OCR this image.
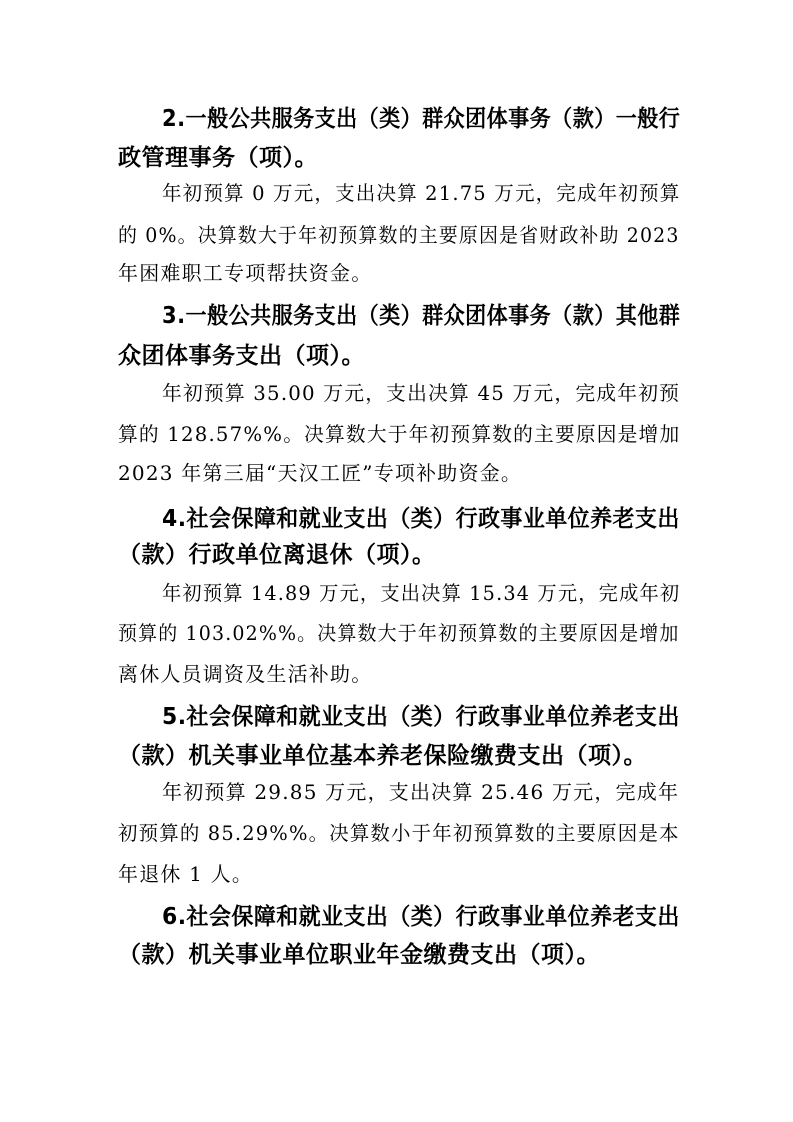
2.一般公共服务支出（类）群众团体事务（款）一般行
政管理事务（项）。
年初预算 0 万元，支出决算 21.75 万元，完成年初预算
的 0%。决算数大于年初预算数的主要原因是省财政补助 2023
年困难职工专项帮扶资金。
3.一般公共服务支出（类）群众团体事务（款）其他群
众团体事务支出（项）。
年初预算 35.00 万元，支出决算 45 万元，完成年初预
算的 128.57%%。决算数大于年初预算数的主要原因是增加
2023 年第三届“天汉工匠”专项补助资金。
4.社会保障和就业支出（类）行政事业单位养老支出
（款）行政单位离退休（项）。
年初预算 14.89 万元，支出决算 15.34 万元，完成年初
预算的 103.02%%。决算数大于年初预算数的主要原因是增加
离休人员调资及生活补助。
5.社会保障和就业支出（类）行政事业单位养老支出
（款）机关事业单位基本养老保险缴费支出（项）。
年初预算 29.85 万元，支出决算 25.46 万元，完成年
初预算的 85.29%%。决算数小于年初预算数的主要原因是本
年退休 1 人。
6.社会保障和就业支出（类）行政事业单位养老支出
（款）机关事业单位职业年金缴费支出（项）。
